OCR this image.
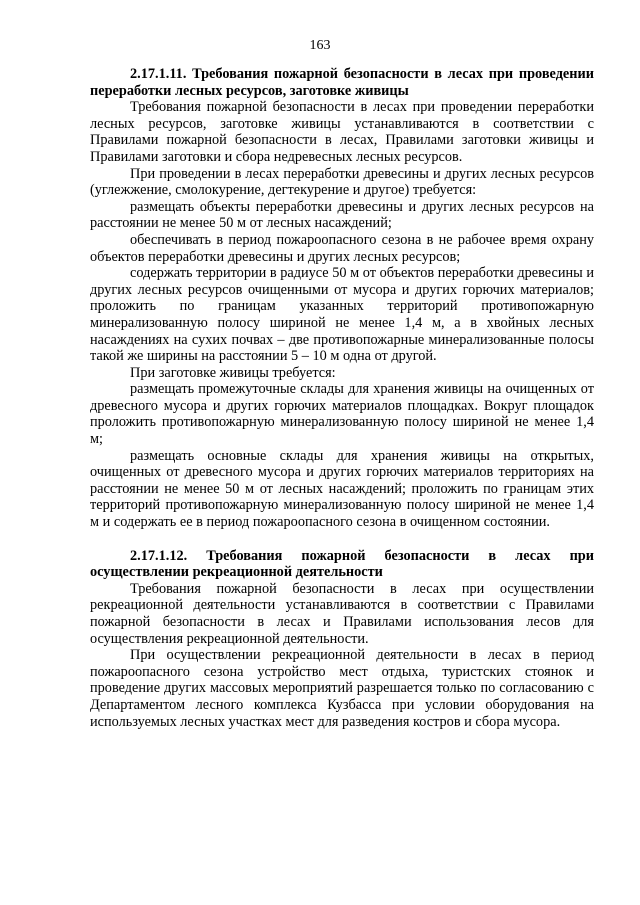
163

2.17.1.11. Требования пожарной безопасности в лесах при проведении переработки лесных ресурсов, заготовке живицы

Требования пожарной безопасности в лесах при проведении переработки лесных ресурсов, заготовке живицы устанавливаются в соответствии с Правилами пожарной безопасности в лесах, Правилами заготовки живицы и Правилами заготовки и сбора недревесных лесных ресурсов.

При проведении в лесах переработки древесины и других лесных ресурсов (углежжение, смолокурение, дегтекурение и другое) требуется:

размещать объекты переработки древесины и других лесных ресурсов на расстоянии не менее 50 м от лесных насаждений;

обеспечивать в период пожароопасного сезона в не рабочее время охрану объектов переработки древесины и других лесных ресурсов;

содержать территории в радиусе 50 м от объектов переработки древесины и других лесных ресурсов очищенными от мусора и других горючих материалов; проложить по границам указанных территорий противопожарную минерализованную полосу шириной не менее 1,4 м, а в хвойных лесных насаждениях на сухих почвах – две противопожарные минерализованные полосы такой же ширины на расстоянии 5 – 10 м одна от другой.

При заготовке живицы требуется:

размещать промежуточные склады для хранения живицы на очищенных от древесного мусора и других горючих материалов площадках. Вокруг площадок проложить противопожарную минерализованную полосу шириной не менее 1,4 м;

размещать основные склады для хранения живицы на открытых, очищенных от древесного мусора и других горючих материалов территориях на расстоянии не менее 50 м от лесных насаждений; проложить по границам этих территорий противопожарную минерализованную полосу шириной не менее 1,4 м и содержать ее в период пожароопасного сезона в очищенном состоянии.

2.17.1.12. Требования пожарной безопасности в лесах при осуществлении рекреационной деятельности

Требования пожарной безопасности в лесах при осуществлении рекреационной деятельности устанавливаются в соответствии с Правилами пожарной безопасности в лесах и Правилами использования лесов для осуществления рекреационной деятельности.

При осуществлении рекреационной деятельности в лесах в период пожароопасного сезона устройство мест отдыха, туристских стоянок и проведение других массовых мероприятий разрешается только по согласованию с Департаментом лесного комплекса Кузбасса при условии оборудования на используемых лесных участках мест для разведения костров и сбора мусора.
